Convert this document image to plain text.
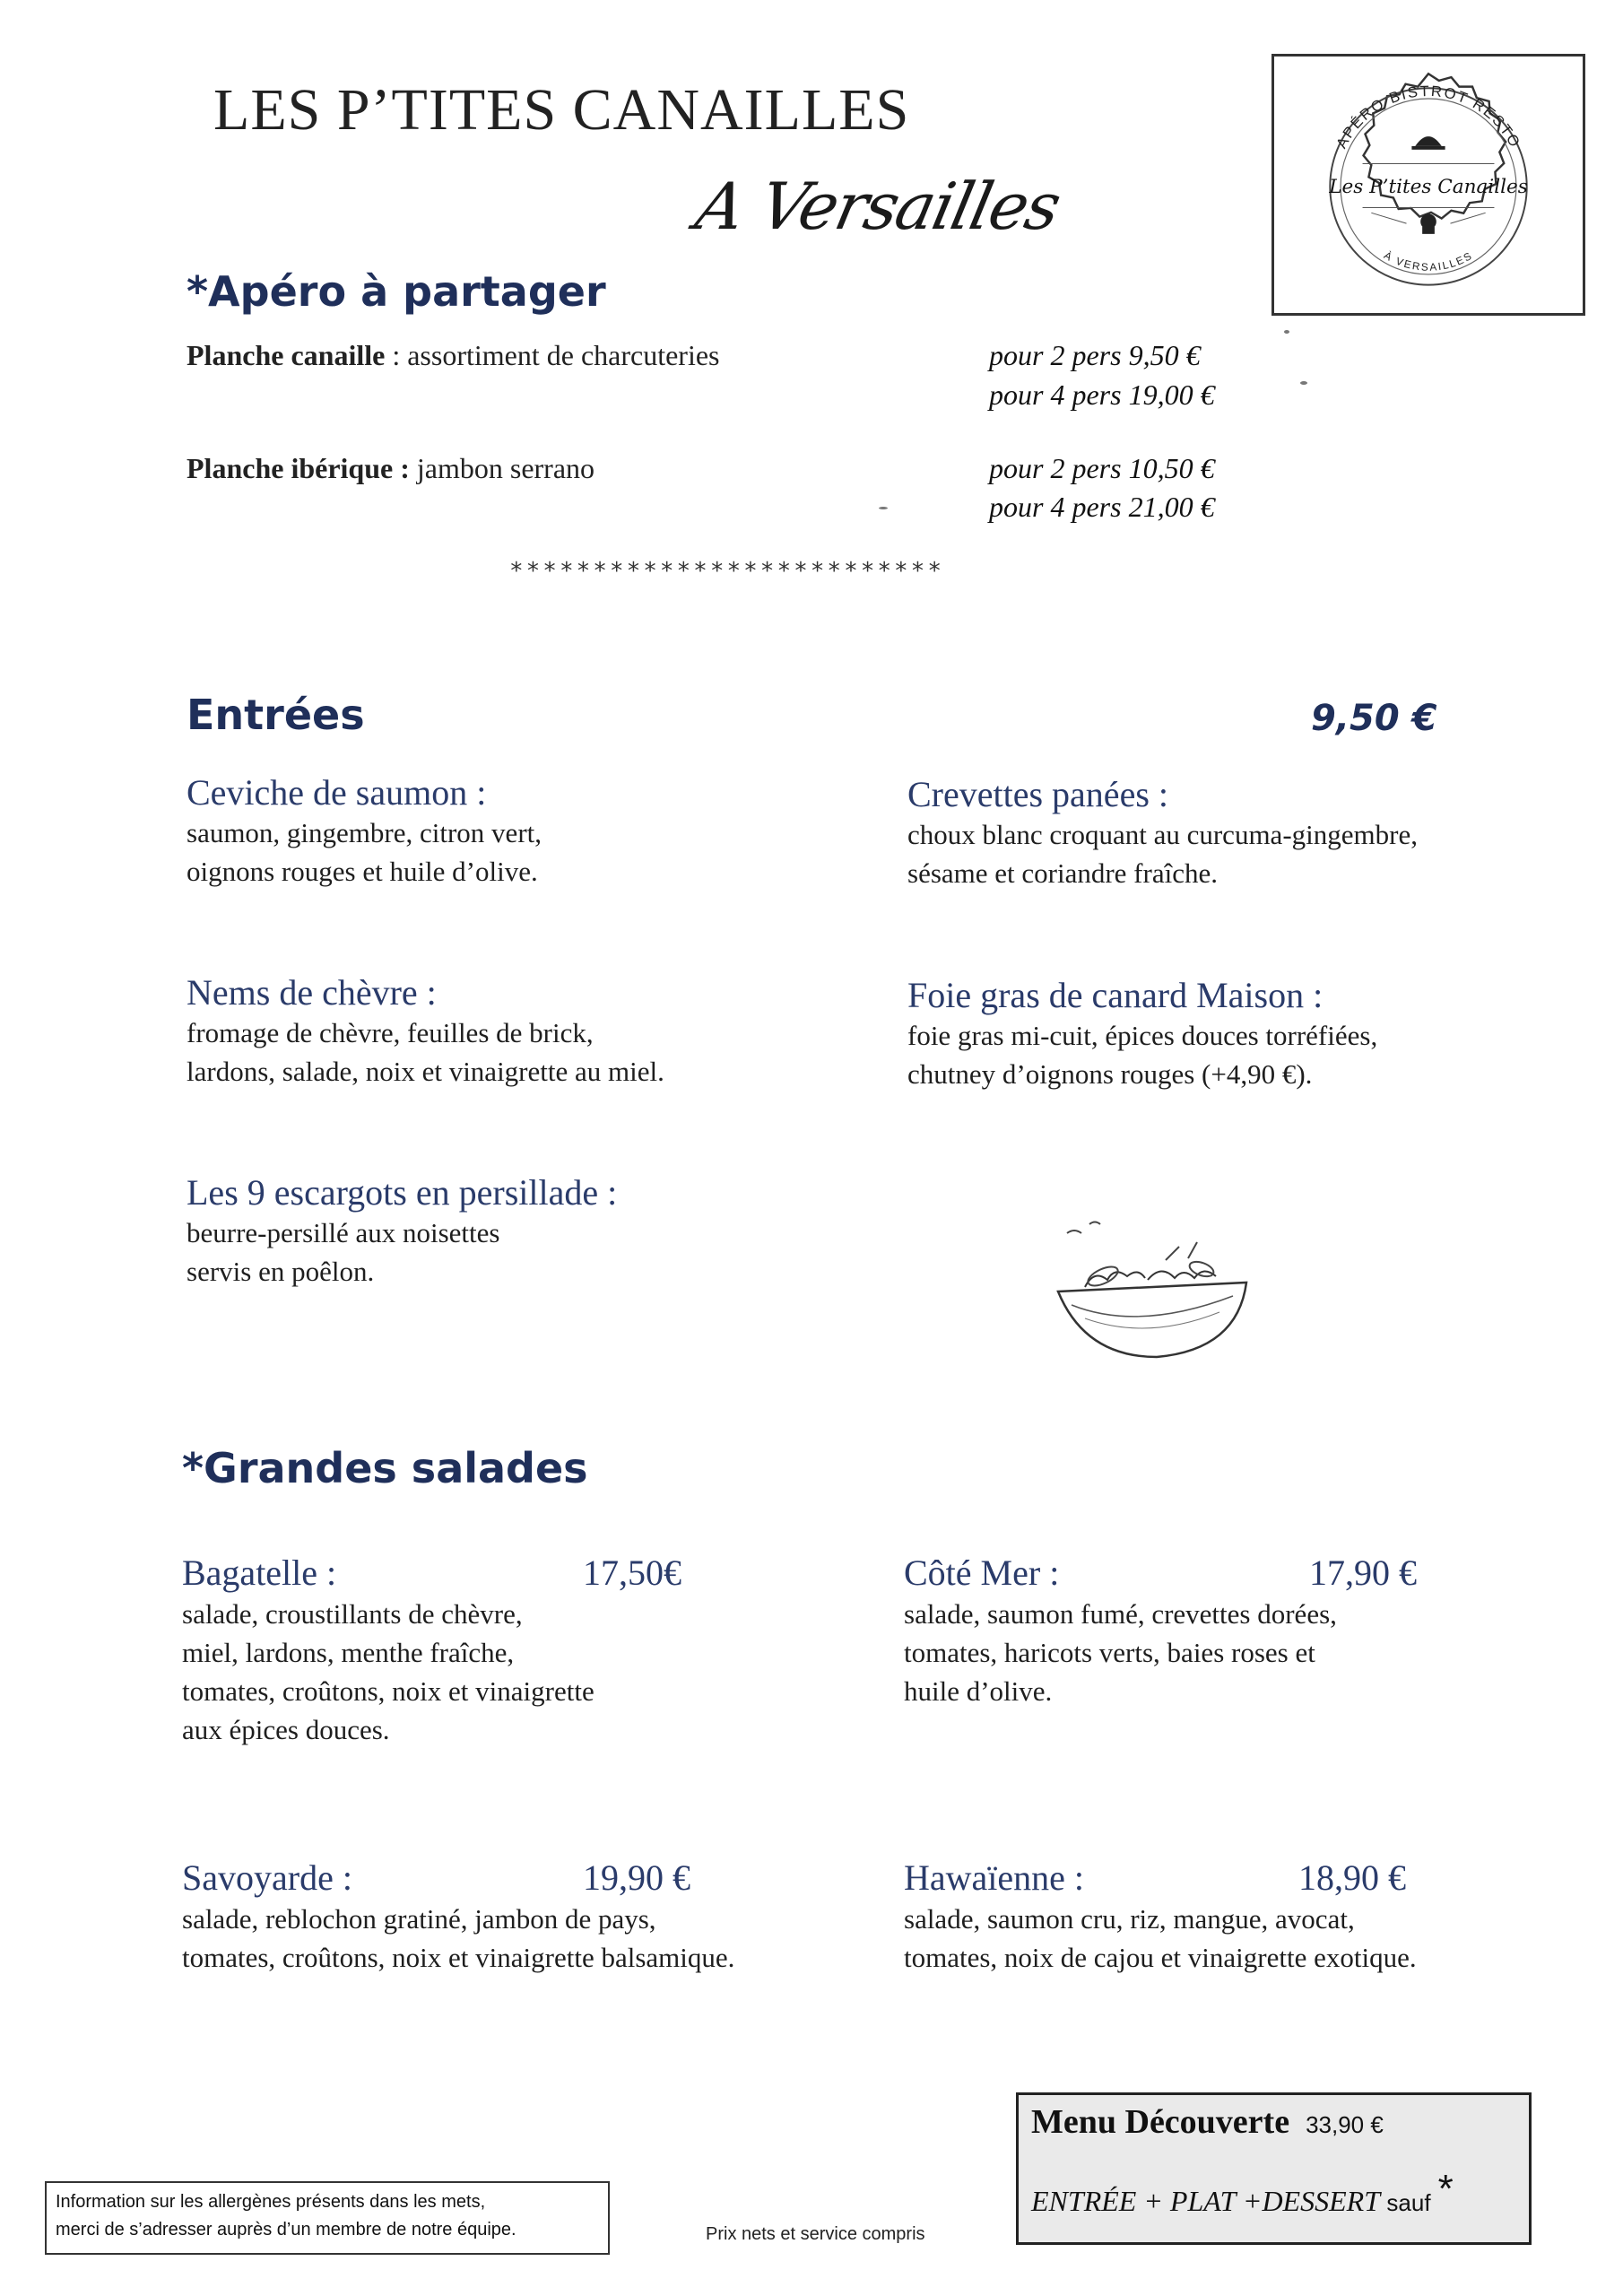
LES P’TITES CANAILLES
A Versailles
APÉRO BISTROT RESTO
À VERSAILLES
Les P’tites Canailles
*Apéro à partager
Planche canaille : assortiment de charcuteries	pour 2 pers 9,50 €
pour 4 pers 19,00 €
Planche ibérique : jambon serrano	pour 2 pers 10,50 €
pour 4 pers 21,00 €
**************************
Entrées	9,50 €
Ceviche de saumon :
saumon, gingembre, citron vert,
oignons rouges et huile d’olive.
Crevettes panées :
choux blanc croquant au curcuma-gingembre,
sésame et coriandre fraîche.
Nems de chèvre :
fromage de chèvre, feuilles de brick,
lardons, salade, noix et vinaigrette au miel.
Foie gras de canard Maison :
foie gras mi-cuit, épices douces torréfiées,
chutney d’oignons rouges (+4,90 €).
Les 9 escargots en persillade :
beurre-persillé aux noisettes
servis en poêlon.
*Grandes salades
Bagatelle :	17,50€
salade, croustillants de chèvre,
miel, lardons, menthe fraîche,
tomates, croûtons, noix et vinaigrette
aux épices douces.
Côté Mer :	17,90 €
salade, saumon fumé, crevettes dorées,
tomates, haricots verts, baies roses et
huile d’olive.
Savoyarde :	19,90 €
salade, reblochon gratiné, jambon de pays,
tomates, croûtons, noix et vinaigrette balsamique.
Hawaïenne :	18,90 €
salade, saumon cru, riz, mangue, avocat,
tomates, noix de cajou et vinaigrette exotique.
Menu Découverte 33,90 €
ENTRÉE + PLAT +DESSERT sauf *
Information sur les allergènes présents dans les mets,
merci de s’adresser auprès d’un membre de notre équipe.	Prix nets et service compris
